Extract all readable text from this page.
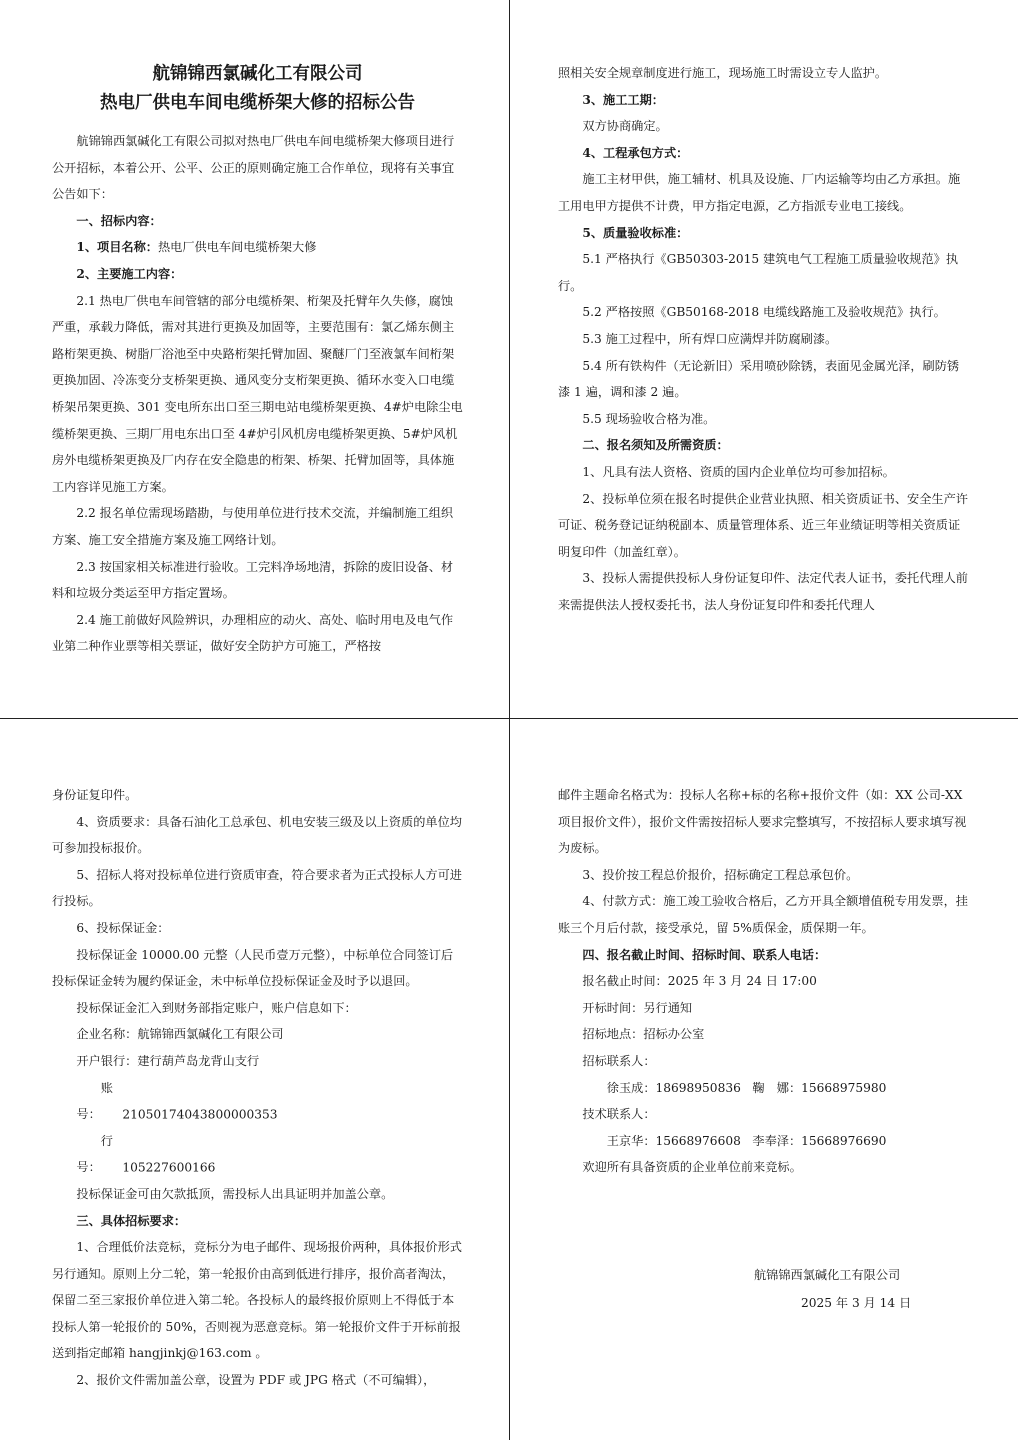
航锦锦西氯碱化工有限公司

热电厂供电车间电缆桥架大修的招标公告

航锦锦西氯碱化工有限公司拟对热电厂供电车间电缆桥架大修项目进行公开招标，本着公开、公平、公正的原则确定施工合作单位，现将有关事宜公告如下：

一、招标内容：

1、项目名称：热电厂供电车间电缆桥架大修

2、主要施工内容：

2.1 热电厂供电车间管辖的部分电缆桥架、桁架及托臂年久失修，腐蚀严重，承载力降低，需对其进行更换及加固等，主要范围有：氯乙烯东侧主路桁架更换、树脂厂浴池至中央路桁架托臂加固、聚醚厂门至液氯车间桁架更换加固、冷冻变分支桥架更换、通风变分支桁架更换、循环水变入口电缆桥架吊架更换、301 变电所东出口至三期电站电缆桥架更换、4#炉电除尘电缆桥架更换、三期厂用电东出口至 4#炉引风机房电缆桥架更换、5#炉风机房外电缆桥架更换及厂内存在安全隐患的桁架、桥架、托臂加固等，具体施工内容详见施工方案。

2.2 报名单位需现场踏勘，与使用单位进行技术交流，并编制施工组织方案、施工安全措施方案及施工网络计划。

2.3 按国家相关标准进行验收。工完料净场地清，拆除的废旧设备、材料和垃圾分类运至甲方指定置场。

2.4 施工前做好风险辨识，办理相应的动火、高处、临时用电及电气作业第二种作业票等相关票证，做好安全防护方可施工，严格按

照相关安全规章制度进行施工，现场施工时需设立专人监护。

3、施工工期：

双方协商确定。

4、工程承包方式：

施工主材甲供，施工辅材、机具及设施、厂内运输等均由乙方承担。施工用电甲方提供不计费，甲方指定电源，乙方指派专业电工接线。

5、质量验收标准：

5.1 严格执行《GB50303-2015 建筑电气工程施工质量验收规范》执行。

5.2 严格按照《GB50168-2018 电缆线路施工及验收规范》执行。

5.3 施工过程中，所有焊口应满焊并防腐刷漆。

5.4 所有铁构件（无论新旧）采用喷砂除锈，表面见金属光泽，刷防锈漆 1 遍，调和漆 2 遍。

5.5 现场验收合格为准。

二、报名须知及所需资质：

1、凡具有法人资格、资质的国内企业单位均可参加招标。

2、投标单位须在报名时提供企业营业执照、相关资质证书、安全生产许可证、税务登记证纳税副本、质量管理体系、近三年业绩证明等相关资质证明复印件（加盖红章）。

3、投标人需提供投标人身份证复印件、法定代表人证书，委托代理人前来需提供法人授权委托书，法人身份证复印件和委托代理人

身份证复印件。

4、资质要求：具备石油化工总承包、机电安装三级及以上资质的单位均可参加投标报价。

5、招标人将对投标单位进行资质审查，符合要求者为正式投标人方可进行投标。

6、投标保证金：

投标保证金 10000.00 元整（人民币壹万元整），中标单位合同签订后投标保证金转为履约保证金，未中标单位投标保证金及时予以退回。

投标保证金汇入到财务部指定账户，账户信息如下：

企业名称：航锦锦西氯碱化工有限公司

开户银行：建行葫芦岛龙背山支行

账号： 21050174043800000353

行号： 105227600166

投标保证金可由欠款抵顶，需投标人出具证明并加盖公章。

三、具体招标要求：

1、合理低价法竞标，竞标分为电子邮件、现场报价两种，具体报价形式另行通知。原则上分二轮，第一轮报价由高到低进行排序，报价高者淘汰，保留二至三家报价单位进入第二轮。各投标人的最终报价原则上不得低于本投标人第一轮报价的 50%，否则视为恶意竞标。第一轮报价文件于开标前报送到指定邮箱 hangjinkj@163.com 。

2、报价文件需加盖公章，设置为 PDF 或 JPG 格式（不可编辑），

邮件主题命名格式为：投标人名称+标的名称+报价文件（如：XX 公司-XX 项目报价文件），报价文件需按招标人要求完整填写，不按招标人要求填写视为废标。

3、投价按工程总价报价，招标确定工程总承包价。

4、付款方式：施工竣工验收合格后，乙方开具全额增值税专用发票，挂账三个月后付款，接受承兑，留 5%质保金，质保期一年。

四、报名截止时间、招标时间、联系人电话：

报名截止时间：2025 年 3 月 24 日 17:00

开标时间：另行通知

招标地点：招标办公室

招标联系人：

徐玉成：18698950836 鞠　娜：15668975980

技术联系人：

王京华：15668976608 李奉泽：15668976690

欢迎所有具备资质的企业单位前来竞标。

航锦锦西氯碱化工有限公司
2025 年 3 月 14 日
